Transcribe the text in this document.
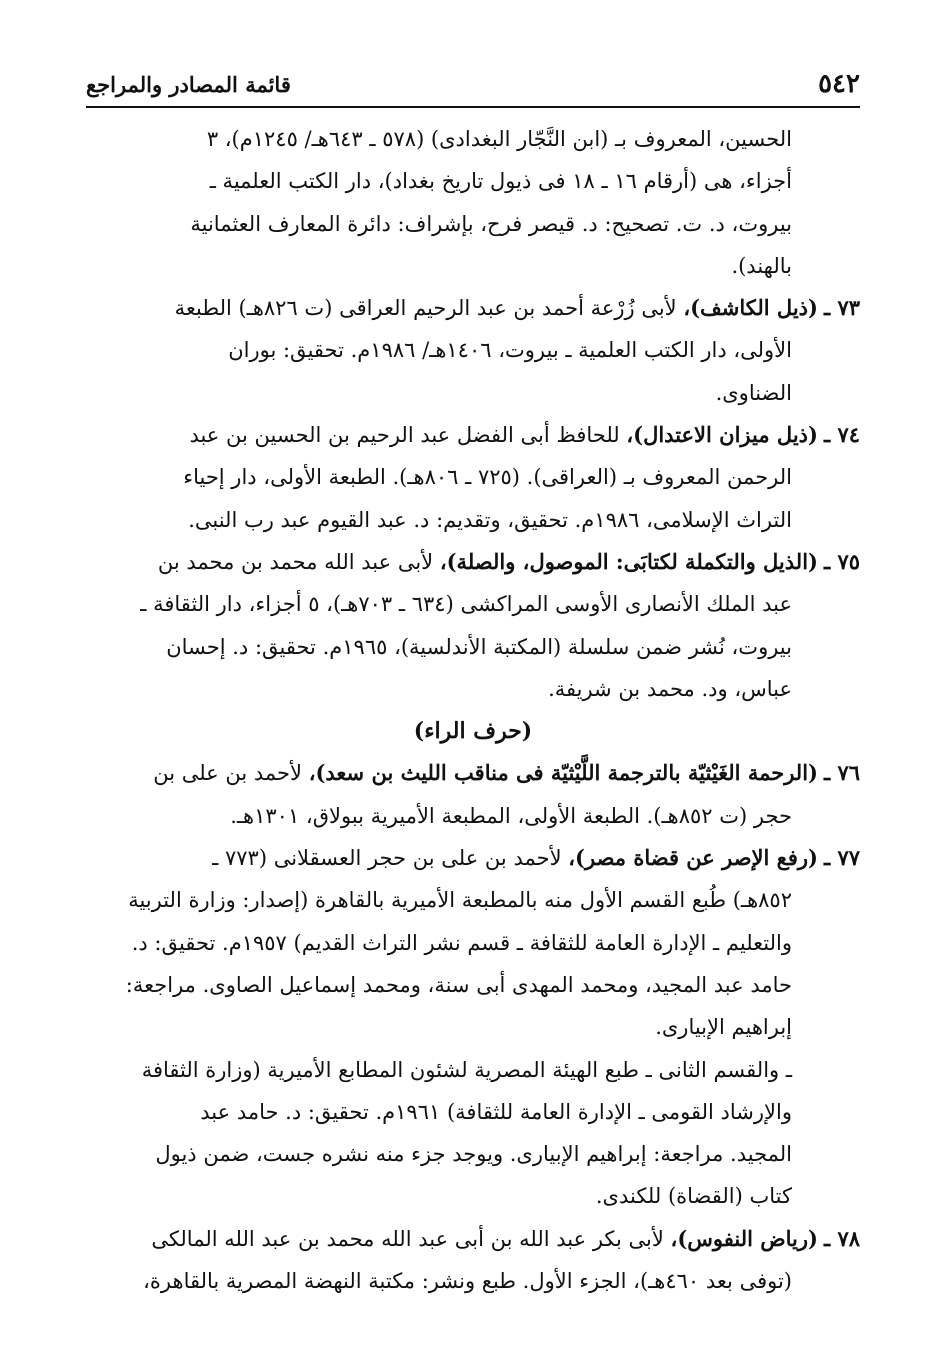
٥٤٢
قائمة المصادر والمراجع
الحسين، المعروف بـ (ابن النَّجّار البغدادى) (٥٧٨ ـ ٦٤٣هـ/ ١٢٤٥م)، ٣
أجزاء، هى (أرقام ١٦ ـ ١٨ فى ذيول تاريخ بغداد)، دار الكتب العلمية ـ
بيروت، د. ت. تصحيح: د. قيصر فرح، بإشراف: دائرة المعارف العثمانية
بالهند).
٧٣ ـ(ذيل الكاشف)، لأبى زُرْعة أحمد بن عبد الرحيم العراقى (ت ٨٢٦هـ) الطبعة
الأولى، دار الكتب العلمية ـ بيروت، ١٤٠٦هـ/ ١٩٨٦م. تحقيق: بوران
الضناوى.
٧٤ ـ(ذيل ميزان الاعتدال)، للحافظ أبى الفضل عبد الرحيم بن الحسين بن عبد
الرحمن المعروف بـ (العراقى). (٧٢٥ ـ ٨٠٦هـ). الطبعة الأولى، دار إحياء
التراث الإسلامى، ١٩٨٦م. تحقيق، وتقديم: د. عبد القيوم عبد رب النبى.
٧٥ ـ(الذيل والتكملة لكتابَى: الموصول، والصلة)، لأبى عبد الله محمد بن محمد بن
عبد الملك الأنصارى الأوسى المراكشى (٦٣٤ ـ ٧٠٣هـ)، ٥ أجزاء، دار الثقافة ـ
بيروت، نُشر ضمن سلسلة (المكتبة الأندلسية)، ١٩٦٥م. تحقيق: د. إحسان
عباس، ود. محمد بن شريفة.
(حرف الراء)
٧٦ ـ(الرحمة الغَيْثيّة بالترجمة اللَّيْثيّة فى مناقب الليث بن سعد)، لأحمد بن على بن
حجر (ت ٨٥٢هـ). الطبعة الأولى، المطبعة الأميرية ببولاق، ١٣٠١هـ.
٧٧ ـ(رفع الإصر عن قضاة مصر)، لأحمد بن على بن حجر العسقلانى (٧٧٣ ـ
٨٥٢هـ) طُبع القسم الأول منه بالمطبعة الأميرية بالقاهرة (إصدار: وزارة التربية
والتعليم ـ الإدارة العامة للثقافة ـ قسم نشر التراث القديم) ١٩٥٧م. تحقيق: د.
حامد عبد المجيد، ومحمد المهدى أبى سنة، ومحمد إسماعيل الصاوى. مراجعة:
إبراهيم الإبيارى.
ـ والقسم الثانى ـ طبع الهيئة المصرية لشئون المطابع الأميرية (وزارة الثقافة
والإرشاد القومى ـ الإدارة العامة للثقافة) ١٩٦١م. تحقيق: د. حامد عبد
المجيد. مراجعة: إبراهيم الإبيارى. ويوجد جزء منه نشره جست، ضمن ذيول
كتاب (القضاة) للكندى.
٧٨ ـ(رياض النفوس)، لأبى بكر عبد الله بن أبى عبد الله محمد بن عبد الله المالكى
(توفى بعد ٤٦٠هـ)، الجزء الأول. طبع ونشر: مكتبة النهضة المصرية بالقاهرة،
